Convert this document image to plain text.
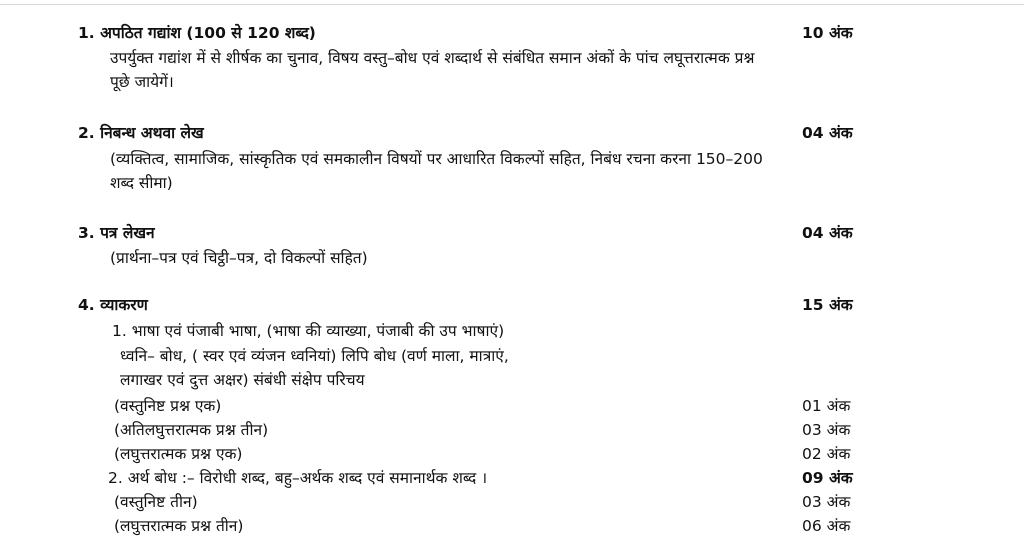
1. अपठित गद्यांश (100 से 120 शब्द)	10 अंक
उपर्युक्त गद्यांश में से शीर्षक का चुनाव, विषय वस्तु–बोध एवं शब्दार्थ से संबंधित समान अंकों के पांच लघूत्तरात्मक प्रश्न
पूछे जायेगें।
2. निबन्ध अथवा लेख	04 अंक
(व्यक्तित्व, सामाजिक, सांस्कृतिक एवं समकालीन विषयों पर आधारित विकल्पों सहित, निबंध रचना करना 150–200
शब्द सीमा)
3. पत्र लेखन	04 अंक
(प्रार्थना–पत्र एवं चिट्ठी–पत्र, दो विकल्पों सहित)
4. व्याकरण	15 अंक
1. भाषा एवं पंजाबी भाषा, (भाषा की व्याख्या, पंजाबी की उप भाषाएं)
ध्वनि– बोध, ( स्वर एवं व्यंजन ध्वनियां) लिपि बोध (वर्ण माला, मात्राएं,
लगाखर एवं दुत्त अक्षर) संबंधी संक्षेप परिचय
(वस्तुनिष्ट प्रश्न एक)	01 अंक
(अतिलघुत्तरात्मक प्रश्न तीन)	03 अंक
(लघुत्तरात्मक प्रश्न एक)	02 अंक
2. अर्थ बोध :– विरोधी शब्द, बहु–अर्थक शब्द एवं समानार्थक शब्द ।	09 अंक
(वस्तुनिष्ट तीन)	03 अंक
(लघुत्तरात्मक प्रश्न तीन)	06 अंक
